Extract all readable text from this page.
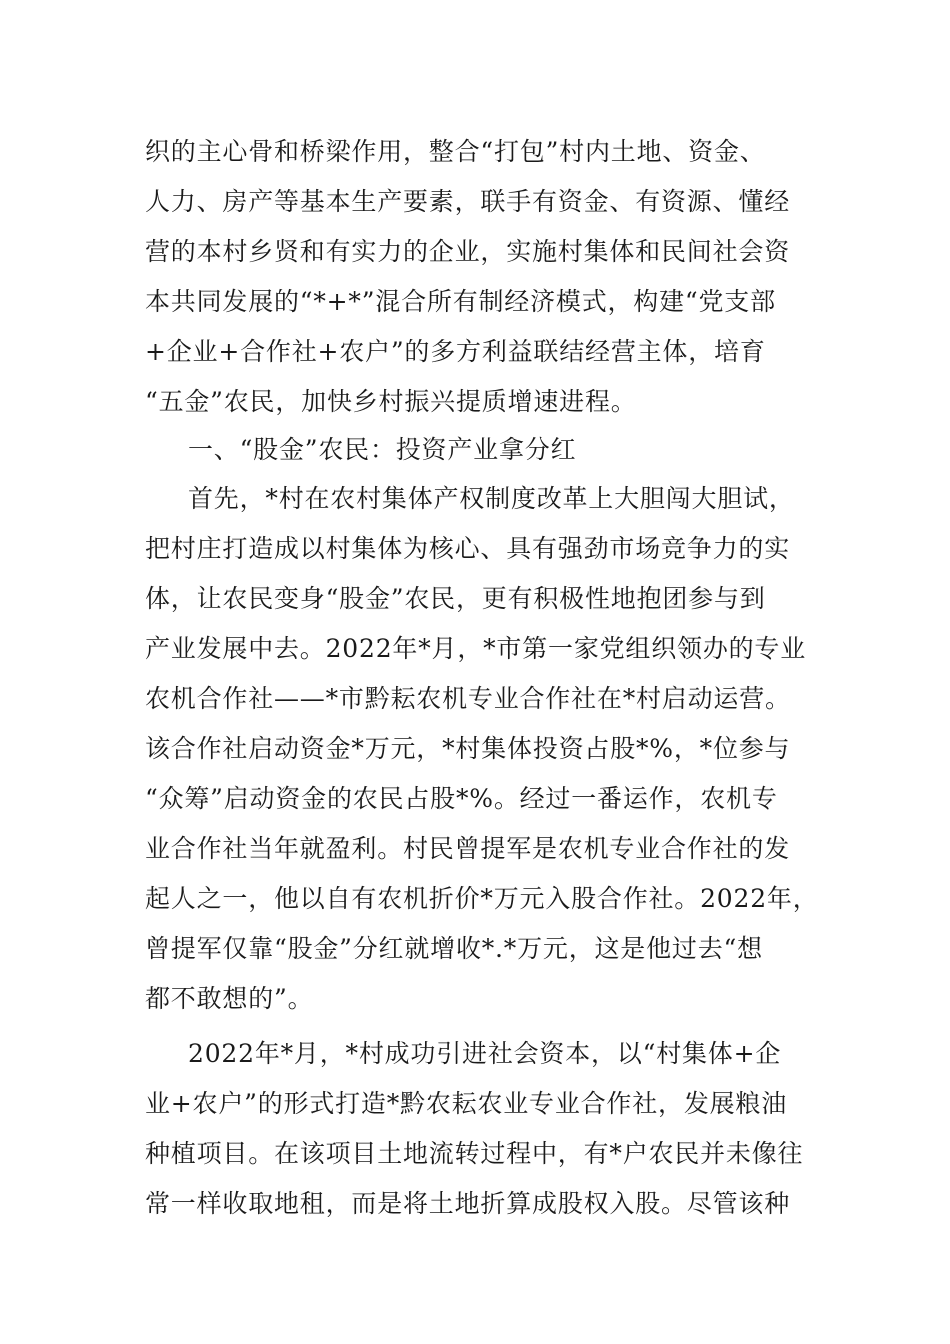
织的主心骨和桥梁作用，整合“打包”村内土地、资金、

人力、房产等基本生产要素，联手有资金、有资源、懂经

营的本村乡贤和有实力的企业，实施村集体和民间社会资

本共同发展的“*+*”混合所有制经济模式，构建“党支部

+企业+合作社+农户”的多方利益联结经营主体，培育

“五金”农民，加快乡村振兴提质增速进程。

一、“股金”农民：投资产业拿分红

首先，*村在农村集体产权制度改革上大胆闯大胆试，

把村庄打造成以村集体为核心、具有强劲市场竞争力的实

体，让农民变身“股金”农民，更有积极性地抱团参与到

产业发展中去。2022年*月，*市第一家党组织领办的专业

农机合作社——*市黔耘农机专业合作社在*村启动运营。

该合作社启动资金*万元，*村集体投资占股*%，*位参与

“众筹”启动资金的农民占股*%。经过一番运作，农机专

业合作社当年就盈利。村民曾提军是农机专业合作社的发

起人之一，他以自有农机折价*万元入股合作社。2022年，

曾提军仅靠“股金”分红就增收*.*万元，这是他过去“想

都不敢想的”。

2022年*月，*村成功引进社会资本，以“村集体+企

业+农户”的形式打造*黔农耘农业专业合作社，发展粮油

种植项目。在该项目土地流转过程中，有*户农民并未像往

常一样收取地租，而是将土地折算成股权入股。尽管该种
